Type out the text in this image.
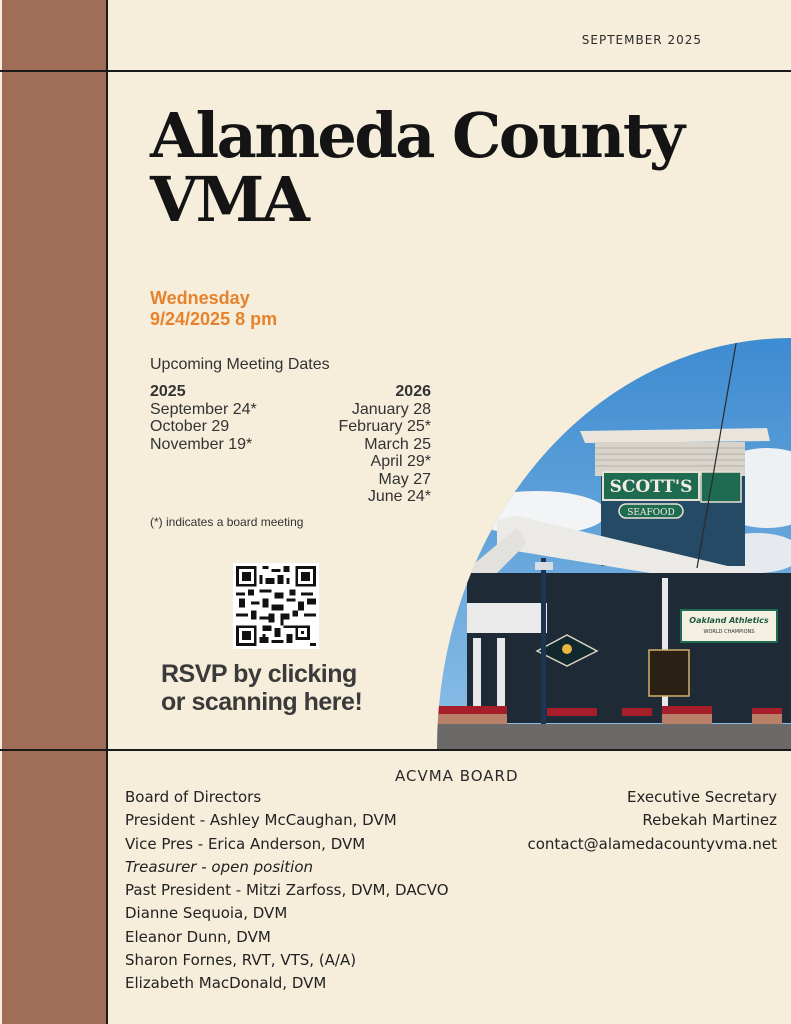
SEPTEMBER 2025
Alameda County
VMA
Wednesday
9/24/2025 8 pm
Upcoming Meeting Dates
2025
September 24*
October 29
November 19*
2026
January 28
February 25*
March 25
April 29*
May 27
June 24*
(*) indicates a board meeting
RSVP by clicking
or scanning here!
SCOTT'S
SEAFOOD
Oakland Athletics
WORLD CHAMPIONS
ACVMA BOARD
Board of Directors
President - Ashley McCaughan, DVM
Vice Pres - Erica Anderson, DVM
Treasurer - open position
Past President - Mitzi Zarfoss, DVM, DACVO
Dianne Sequoia, DVM
Eleanor Dunn, DVM
Sharon Fornes, RVT, VTS, (A/A)
Elizabeth MacDonald, DVM
Executive Secretary
Rebekah Martinez
contact@alamedacountyvma.net
